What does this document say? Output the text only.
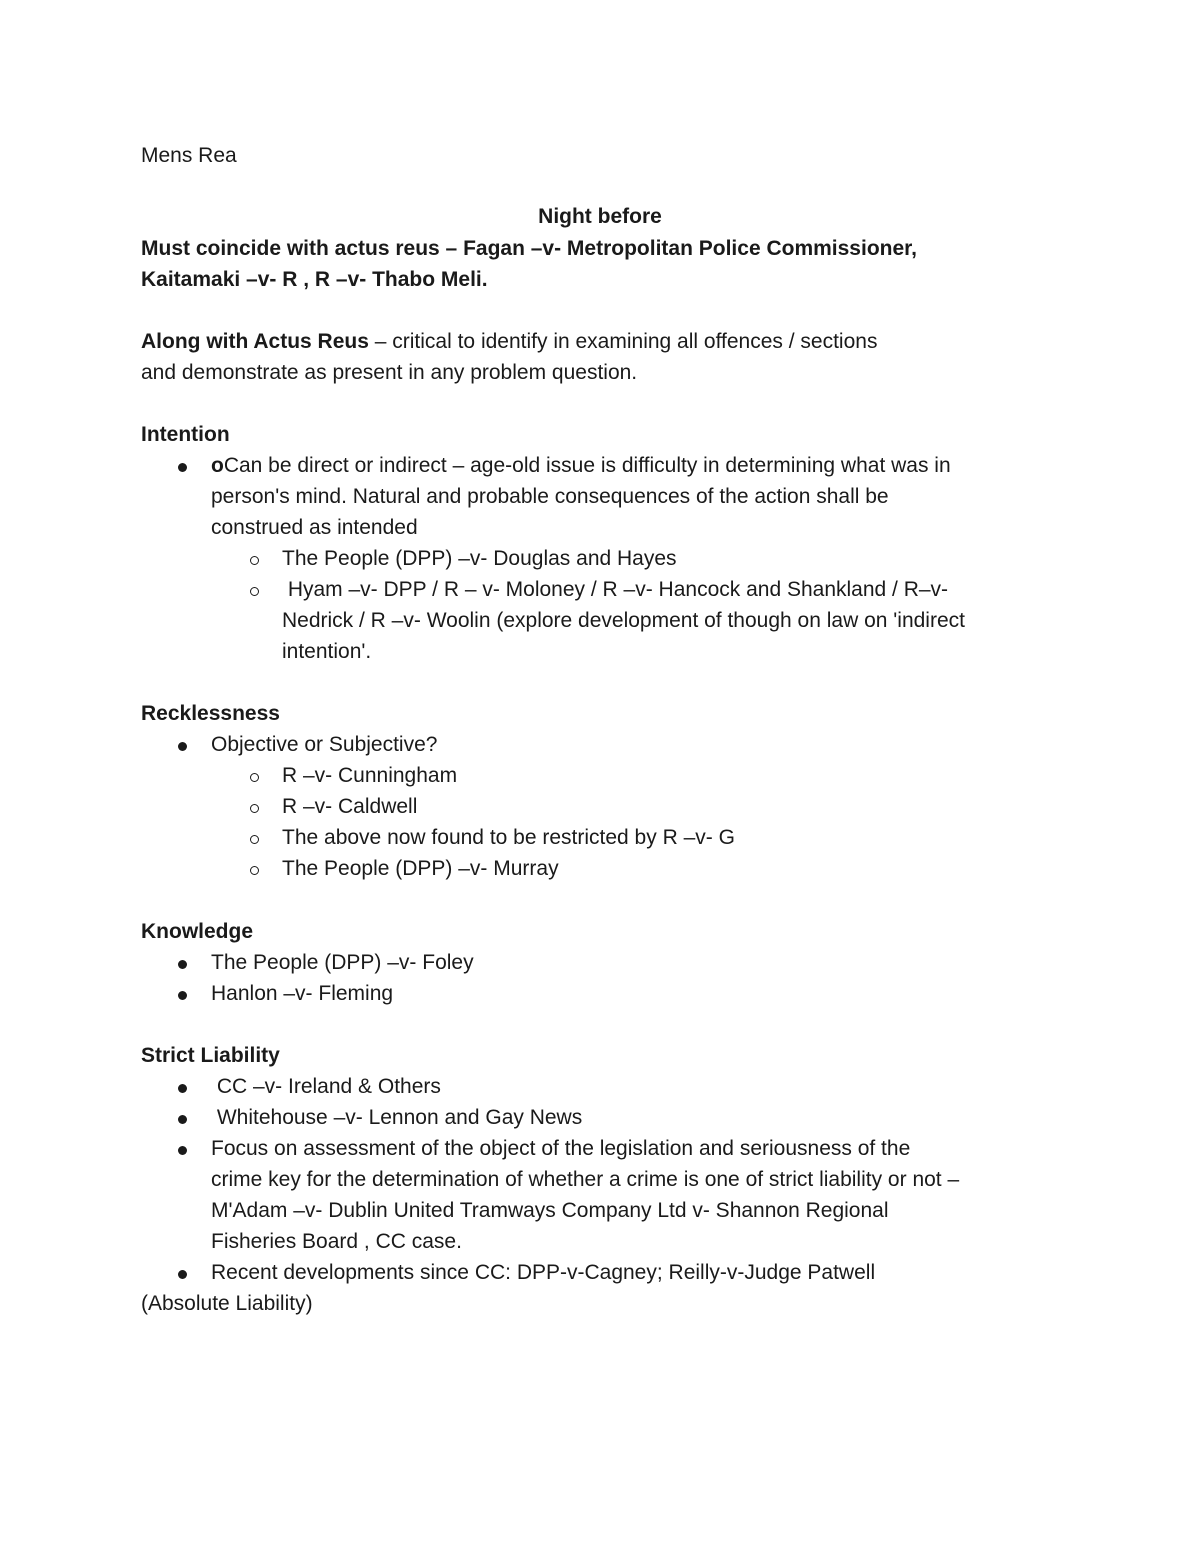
Mens Rea
Night before
Must coincide with actus reus – Fagan –v- Metropolitan Police Commissioner,
Kaitamaki –v- R , R –v- Thabo Meli.
Along with Actus Reus – critical to identify in examining all offences / sections
and demonstrate as present in any problem question.
Intention
oCan be direct or indirect – age-old issue is difficulty in determining what was in
person's mind. Natural and probable consequences of the action shall be
construed as intended
The People (DPP) –v- Douglas and Hayes
Hyam –v- DPP / R – v- Moloney / R –v- Hancock and Shankland / R–v-
Nedrick / R –v- Woolin (explore development of though on law on 'indirect
intention'.
Recklessness
Objective or Subjective?
R –v- Cunningham
R –v- Caldwell
The above now found to be restricted by R –v- G
The People (DPP) –v- Murray
Knowledge
The People (DPP) –v- Foley
Hanlon –v- Fleming
Strict Liability
CC –v- Ireland & Others
Whitehouse –v- Lennon and Gay News
Focus on assessment of the object of the legislation and seriousness of the
crime key for the determination of whether a crime is one of strict liability or not –
M'Adam –v- Dublin United Tramways Company Ltd v- Shannon Regional
Fisheries Board , CC case.
Recent developments since CC: DPP-v-Cagney; Reilly-v-Judge Patwell
(Absolute Liability)
